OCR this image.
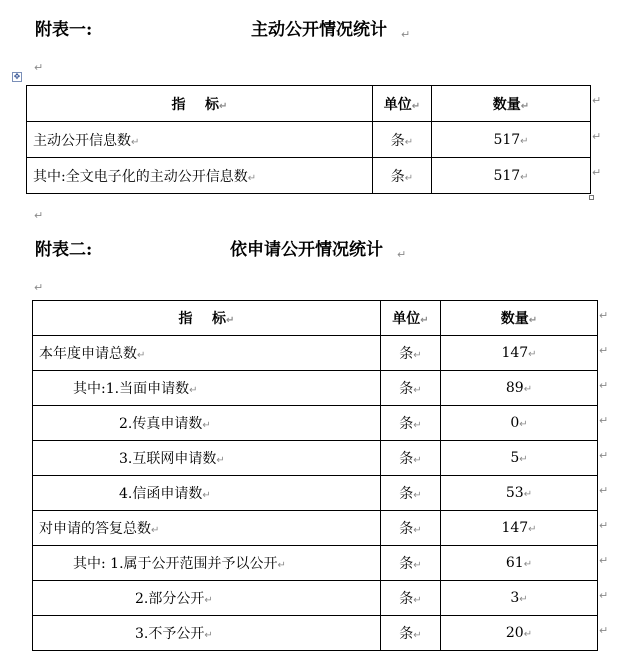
附表一:	主动公开情况统计 ↵
↵
✥
指    标↵	单位↵	数量↵
主动公开信息数↵	条↵	517↵
其中:全文电子化的主动公开信息数↵	条↵	517↵
↵
↵
↵
↵
附表二:	依申请公开情况统计 ↵
↵
指    标↵	单位↵	数量↵
本年度申请总数↵	条↵	147↵
其中:1.当面申请数↵	条↵	89↵
2.传真申请数↵	条↵	0↵
3.互联网申请数↵	条↵	5↵
4.信函申请数↵	条↵	53↵
对申请的答复总数↵	条↵	147↵
其中: 1.属于公开范围并予以公开↵	条↵	61↵
2.部分公开↵	条↵	3↵
3.不予公开↵	条↵	20↵
↵
↵
↵
↵
↵
↵
↵
↵
↵
↵
